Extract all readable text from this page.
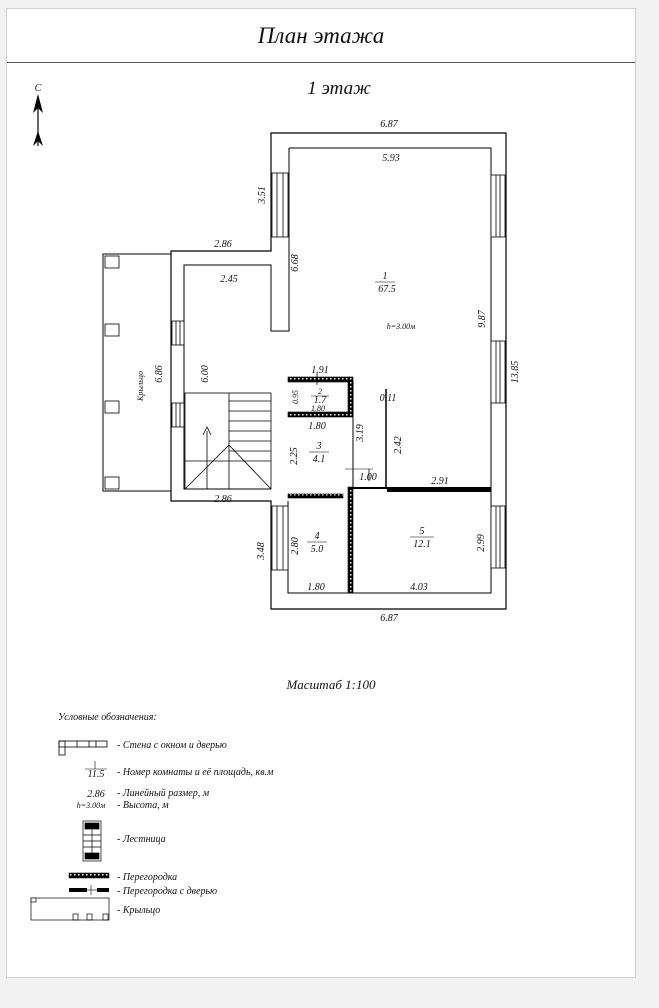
План этажа
1 этаж
С
Крыльцо
6.87
5.93
3.51
2.86
2.45
6.68
6.00
6.86
2.86
9.87
13.85
1.91
0.95
1.80
1.80
2.25
3.19
0.11
2.42
1.00	2.91
2.80
3.48
1.80	4.03
2.99
6.87
1
67.5
h=3.00м
2
1.7
3
4.1
4
5.0
5
12.1
Масштаб 1:100
Условные обозначения:
- Стена с окном и дверью
11.5 - Номер комнаты и её площадь, кв.м
2.86 - Линейный размер, м
h=3.00м - Высота, м
- Лестница
- Перегородка
- Перегородка с дверью
- Крыльцо
